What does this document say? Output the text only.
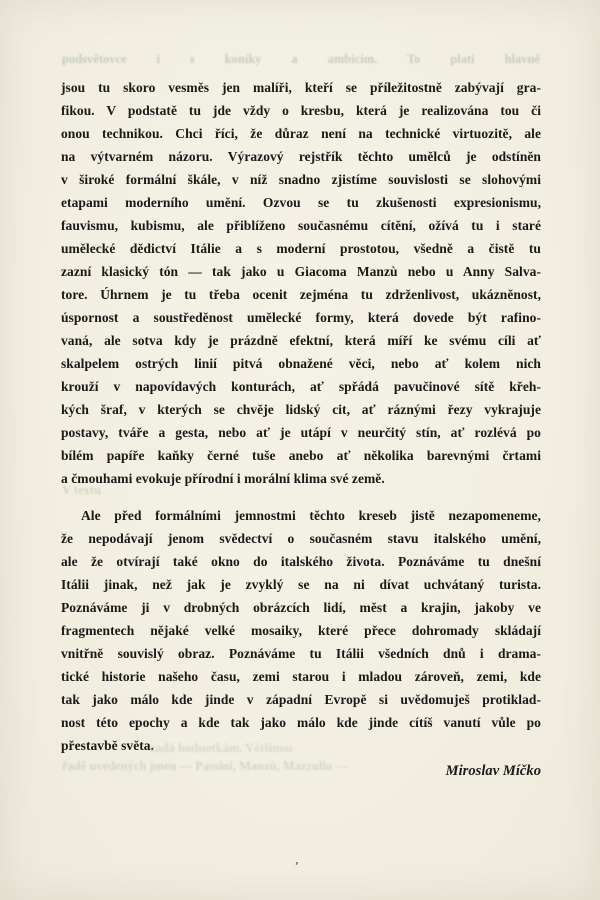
podsvětovce i s koníky a ambicím. To platí hlavně
jsou tu skoro vesměs jen malíři, kteří se příležitostně zabývají gra-
fikou. V podstatě tu jde vždy o kresbu, která je realizována tou či
onou technikou. Chci říci, že důraz není na technické virtuozitě, ale
na výtvarném názoru. Výrazový rejstřík těchto umělců je odstíněn
v široké formální škále, v níž snadno zjistíme souvislosti se slohovými
etapami moderního umění. Ozvou se tu zkušenosti expresionismu,
fauvismu, kubismu, ale přiblíženo současnému cítění, ožívá tu i staré
umělecké dědictví Itálie a s moderní prostotou, všedně a čistě tu
zazní klasický tón — tak jako u Giacoma Manzù nebo u Anny Salva-
tore. Úhrnem je tu třeba ocenit zejména tu zdrženlivost, ukázněnost,
úspornost a soustředěnost umělecké formy, která dovede být rafino-
vaná, ale sotva kdy je prázdně efektní, která míří ke svému cíli ať
skalpelem ostrých linií pitvá obnažené věci, nebo ať kolem nich
krouží v napovídavých konturách, ať spřádá pavučinové sítě křeh-
kých šraf, v kterých se chvěje lidský cit, ať ráznými řezy vykrajuje
postavy, tváře a gesta, nebo ať je utápí v neurčitý stín, ať rozlévá po
bílém papíře kaňky černé tuše anebo ať několika barevnými črtami
a čmouhami evokuje přírodní i morální klima své země.
Ale před formálními jemnostmi těchto kreseb jistě nezapomeneme,
že nepodávají jenom svědectví o současném stavu italského umění,
ale že otvírají také okno do italského života. Poznáváme tu dnešní
Itálii jinak, než jak je zvyklý se na ni dívat uchvátaný turista.
Poznáváme ji v drobných obrázcích lidí, měst a krajin, jakoby ve
fragmentech nějaké velké mosaiky, které přece dohromady skládají
vnitřně souvislý obraz. Poznáváme tu Itálii všedních dnů i drama-
tické historie našeho času, zemi starou i mladou zároveň, zemi, kde
tak jako málo kde jinde v západní Evropě si uvědomuješ protiklad-
nost této epochy a kde tak jako málo kde jinde cítíš vanutí vůle po
přestavbě světa.
Miroslav Míčko
V textu
zadá hodnotkám. Většinou
řadě uvedených jmen — Passini, Manzù, Mazzullo —
’
